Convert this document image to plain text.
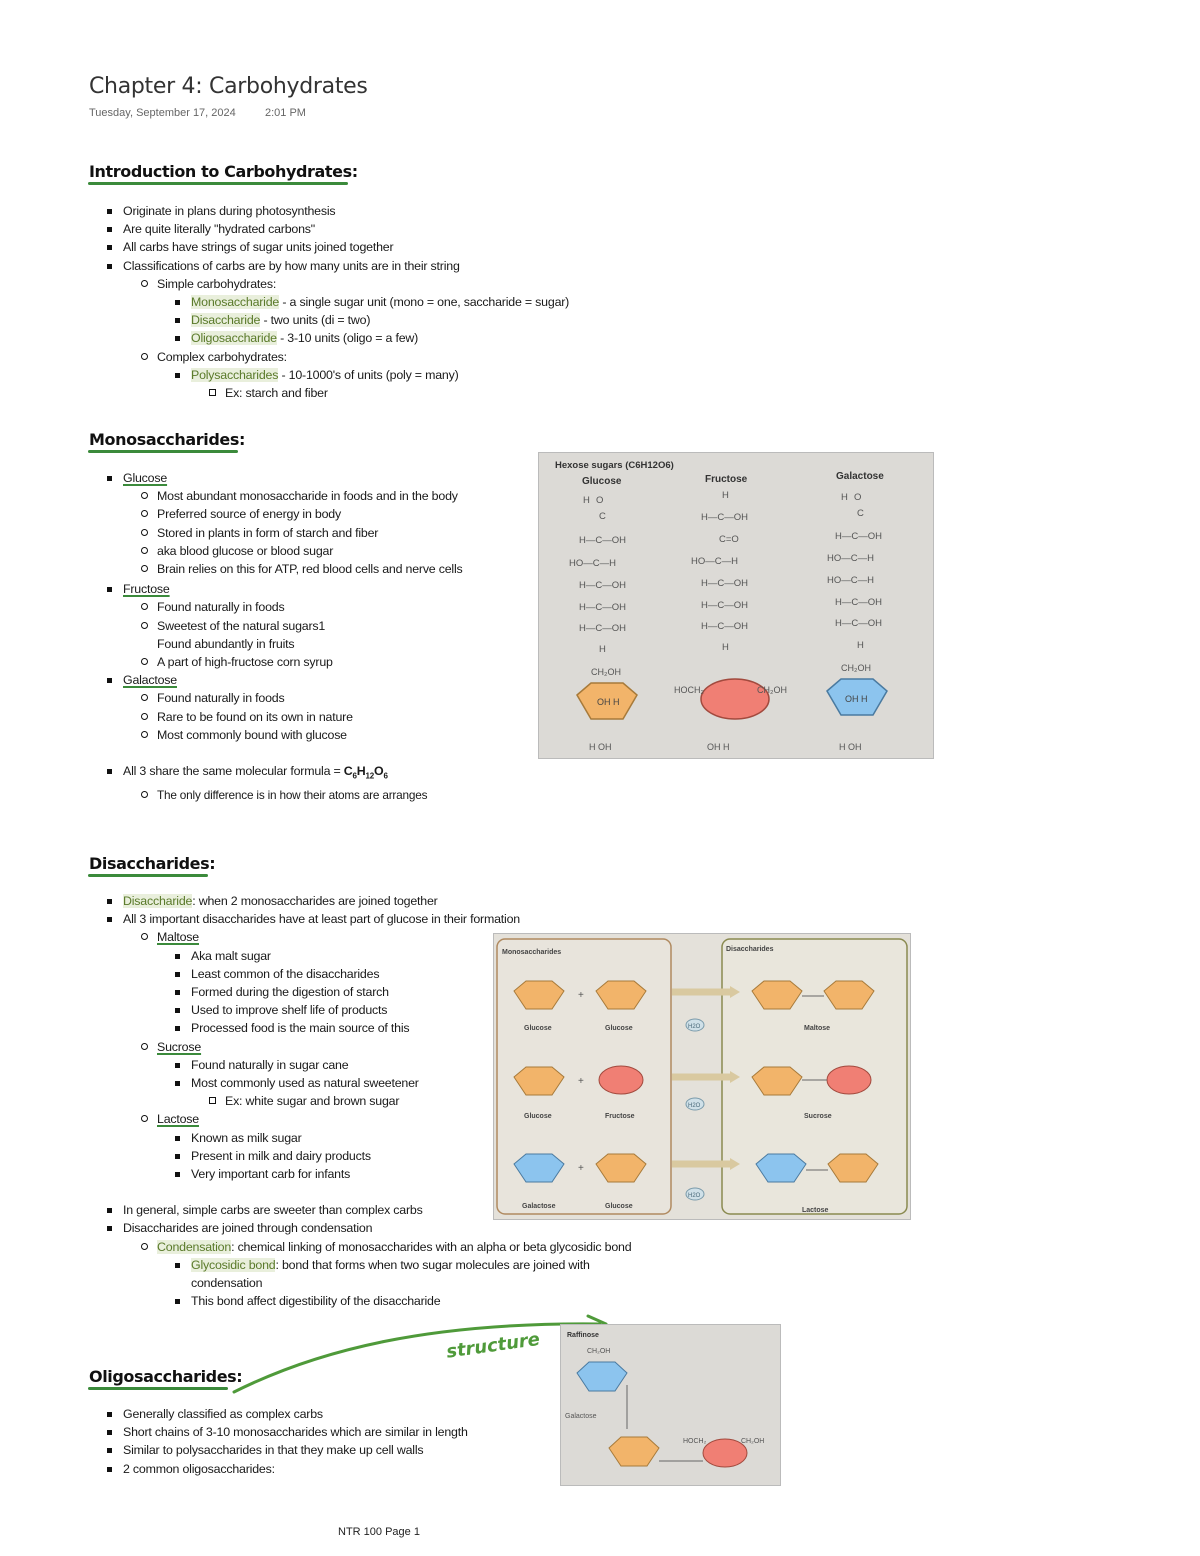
Chapter 4: Carbohydrates
Tuesday, September 17, 2024	2:01 PM
Introduction to Carbohydrates:
Originate in plans during photosynthesis
Are quite literally "hydrated carbons"
All carbs have strings of sugar units joined together
Classifications of carbs are by how many units are in their string
Simple carbohydrates:
Monosaccharide - a single sugar unit (mono = one, saccharide = sugar)
Disaccharide - two units (di = two)
Oligosaccharide - 3-10 units (oligo = a few)
Complex carbohydrates:
Polysaccharides - 10-1000's of units (poly = many)
Ex: starch and fiber
Monosaccharides:
Glucose
Most abundant monosaccharide in foods and in the body
Preferred source of energy in body
Stored in plants in form of starch and fiber
aka blood glucose or blood sugar
Brain relies on this for ATP, red blood cells and nerve cells
Fructose
Found naturally in foods
Sweetest of the natural sugars1
Found abundantly in fruits
A part of high-fructose corn syrup
Galactose
Found naturally in foods
Rare to be found on its own in nature
Most commonly bound with glucose
All 3 share the same molecular formula = $C_6H_{12}O_6$
The only difference is in how their atoms are arranges
Hexose sugars (C6H12O6)
Glucose	Fructose	Galactose
H O
C
H—C—OH
HO—C—H
H—C—OH
H—C—OH
H—C—OH
H
H
H—C—OH
C=O
HO—C—H
H—C—OH
H—C—OH
H—C—OH
H
H O
C
H—C—OH
HO—C—H
HO—C—H
H—C—OH
H—C—OH
H
CH₂OH
OH H
H OH
HOCH₂	CH₂OH
OH H
CH₂OH
OH H
H OH
Disaccharides:
Disaccharide: when 2 monosaccharides are joined together
All 3 important disaccharides have at least part of glucose in their formation
Maltose
Aka malt sugar
Least common of the disaccharides
Formed during the digestion of starch
Used to improve shelf life of products
Processed food is the main source of this
Sucrose
Found naturally in sugar cane
Most commonly used as natural sweetener
Ex: white sugar and brown sugar
Lactose
Known as milk sugar
Present in milk and dairy products
Very important carb for infants
In general, simple carbs are sweeter than complex carbs
Disaccharides are joined through condensation
Condensation: chemical linking of monosaccharides with an alpha or beta glycosidic bond
Glycosidic bond: bond that forms when two sugar molecules are joined with
condensation
This bond affect digestibility of the disaccharide
Monosaccharides	Disaccharides
+
Glucose	Glucose	H2O	Maltose
+
Glucose	Fructose
H2O
Sucrose
+
Galactose	Glucose
H2O
Lactose
structure
Oligosaccharides:
Generally classified as complex carbs
Short chains of 3-10 monosaccharides which are similar in length
Similar to polysaccharides in that they make up cell walls
2 common oligosaccharides:
Raffinose
CH₂OH
Galactose
HOCH₂	CH₂OH
NTR 100 Page 1
